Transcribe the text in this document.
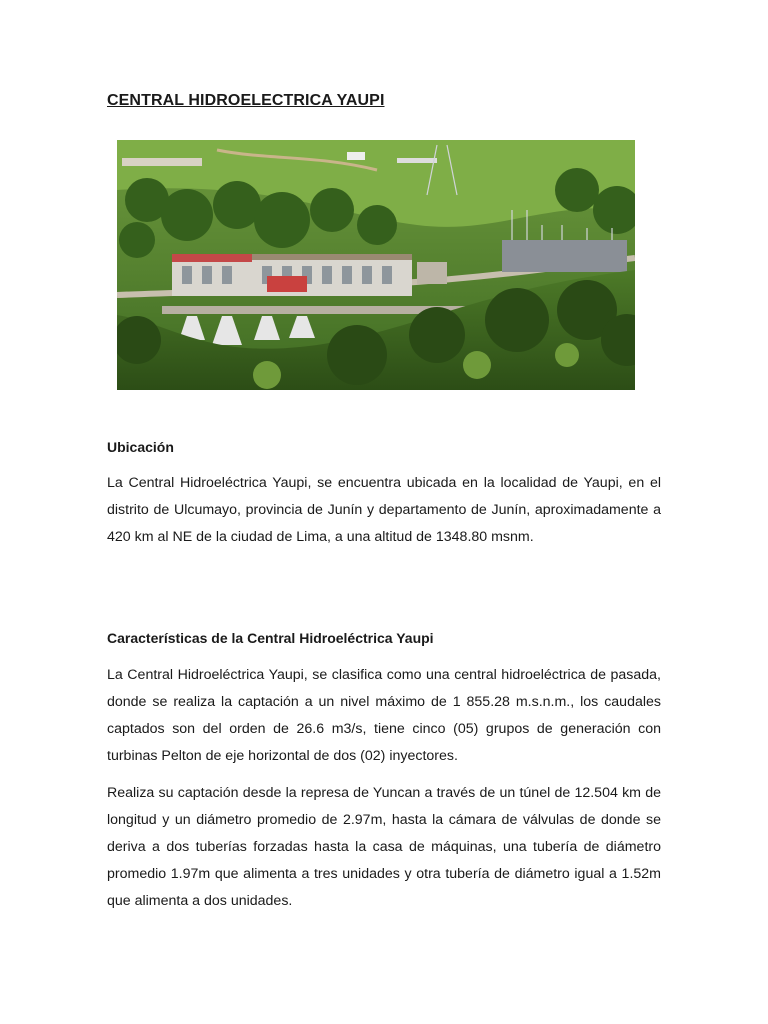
CENTRAL HIDROELECTRICA YAUPI
Ubicación

La Central Hidroeléctrica Yaupi, se encuentra ubicada en la localidad de Yaupi, en el distrito de Ulcumayo, provincia de Junín y departamento de Junín, aproximadamente a 420 km al NE de la ciudad de Lima, a una altitud de 1348.80 msnm.

Características de la Central Hidroeléctrica Yaupi

La Central Hidroeléctrica Yaupi, se clasifica como una central hidroeléctrica de pasada, donde se realiza la captación a un nivel máximo de 1 855.28 m.s.n.m., los caudales captados son del orden de 26.6 m3/s, tiene cinco (05) grupos de generación con turbinas Pelton de eje horizontal de dos (02) inyectores.

Realiza su captación desde la represa de Yuncan a través de un túnel de 12.504 km de longitud y un diámetro promedio de 2.97m, hasta la cámara de válvulas de donde se deriva a dos tuberías forzadas hasta la casa de máquinas, una tubería de diámetro promedio 1.97m que alimenta a tres unidades y otra tubería de diámetro igual a 1.52m que alimenta a dos unidades.
